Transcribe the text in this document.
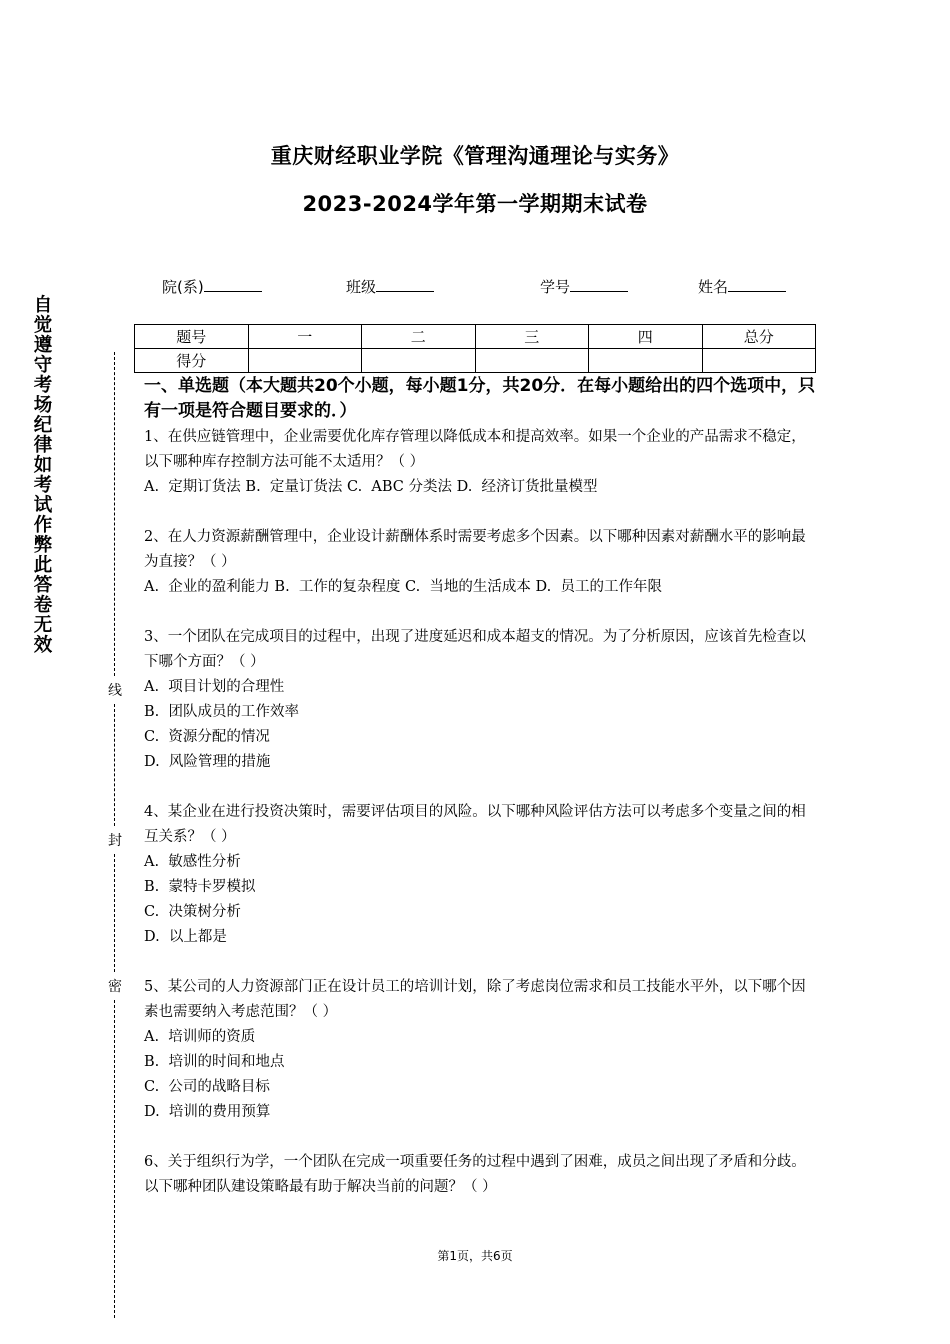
重庆财经职业学院《管理沟通理论与实务》
2023-2024学年第一学期期末试卷
院(系)	班级	学号	姓名
题号	一	二	三	四	总分
得分					
自觉遵守考场纪律如考试作弊此答卷无效
线
封
密
一、单选题（本大题共20个小题，每小题1分，共20分．在每小题给出的四个选项中，只有一项是符合题目要求的．）
1、在供应链管理中，企业需要优化库存管理以降低成本和提高效率。如果一个企业的产品需求不稳定，以下哪种库存控制方法可能不太适用？（ ）
A.  定期订货法 B.  定量订货法 C.  ABC 分类法 D.  经济订货批量模型
2、在人力资源薪酬管理中，企业设计薪酬体系时需要考虑多个因素。以下哪种因素对薪酬水平的影响最为直接？（ ）
A.  企业的盈利能力 B.  工作的复杂程度 C.  当地的生活成本 D.  员工的工作年限
3、一个团队在完成项目的过程中，出现了进度延迟和成本超支的情况。为了分析原因，应该首先检查以下哪个方面？（ ）
A.  项目计划的合理性
B.  团队成员的工作效率
C.  资源分配的情况
D.  风险管理的措施
4、某企业在进行投资决策时，需要评估项目的风险。以下哪种风险评估方法可以考虑多个变量之间的相互关系？（ ）
A.  敏感性分析
B.  蒙特卡罗模拟
C.  决策树分析
D.  以上都是
5、某公司的人力资源部门正在设计员工的培训计划，除了考虑岗位需求和员工技能水平外，以下哪个因素也需要纳入考虑范围？（ ）
A.  培训师的资质
B.  培训的时间和地点
C.  公司的战略目标
D.  培训的费用预算
6、关于组织行为学，一个团队在完成一项重要任务的过程中遇到了困难，成员之间出现了矛盾和分歧。以下哪种团队建设策略最有助于解决当前的问题？（ ）
第1页，共6页
